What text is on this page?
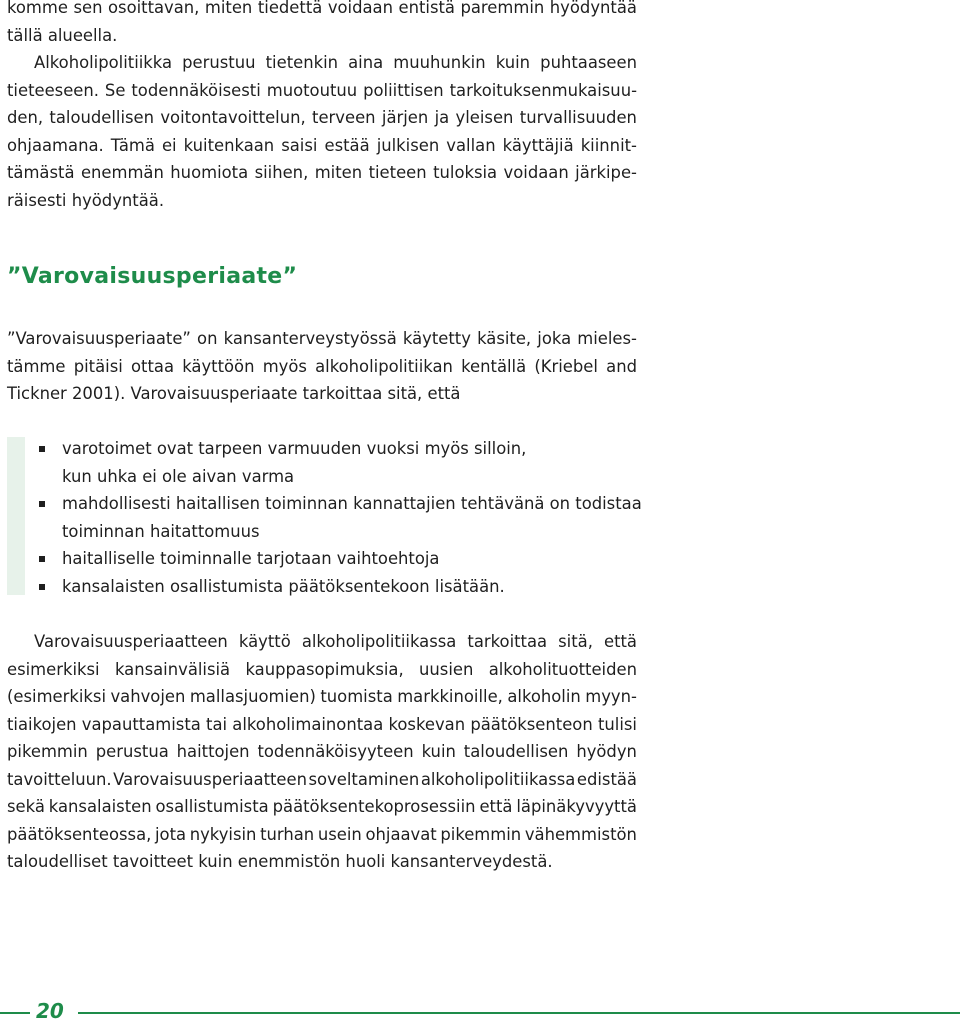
komme sen osoittavan, miten tiedettä voidaan entistä paremmin hyödyntää
tällä alueella.
Alkoholipolitiikka perustuu tietenkin aina muuhunkin kuin puhtaaseen
tieteeseen. Se todennäköisesti muotoutuu poliittisen tarkoituksenmukaisuu-
den, taloudellisen voitontavoittelun, terveen järjen ja yleisen turvallisuuden
ohjaamana. Tämä ei kuitenkaan saisi estää julkisen vallan käyttäjiä kiinnit-
tämästä enemmän huomiota siihen, miten tieteen tuloksia voidaan järkipe-
räisesti hyödyntää.
”Varovaisuusperiaate”
”Varovaisuusperiaate” on kansanterveystyössä käytetty käsite, joka mieles-
tämme pitäisi ottaa käyttöön myös alkoholipolitiikan kentällä (Kriebel and
Tickner 2001). Varovaisuusperiaate tarkoittaa sitä, että
varotoimet ovat tarpeen varmuuden vuoksi myös silloin,
kun uhka ei ole aivan varma
mahdollisesti haitallisen toiminnan kannattajien tehtävänä on todistaa
toiminnan haitattomuus
haitalliselle toiminnalle tarjotaan vaihtoehtoja
kansalaisten osallistumista päätöksentekoon lisätään.
Varovaisuusperiaatteen käyttö alkoholipolitiikassa tarkoittaa sitä, että
esimerkiksi kansainvälisiä kauppasopimuksia, uusien alkoholituotteiden
(esimerkiksi vahvojen mallasjuomien) tuomista markkinoille, alkoholin myyn-
tiaikojen vapauttamista tai alkoholimainontaa koskevan päätöksenteon tulisi
pikemmin perustua haittojen todennäköisyyteen kuin taloudellisen hyödyn
tavoitteluun. Varovaisuusperiaatteen soveltaminen alkoholipolitiikassa edistää
sekä kansalaisten osallistumista päätöksentekoprosessiin että läpinäkyvyyttä
päätöksenteossa, jota nykyisin turhan usein ohjaavat pikemmin vähemmistön
taloudelliset tavoitteet kuin enemmistön huoli kansanterveydestä.
20
